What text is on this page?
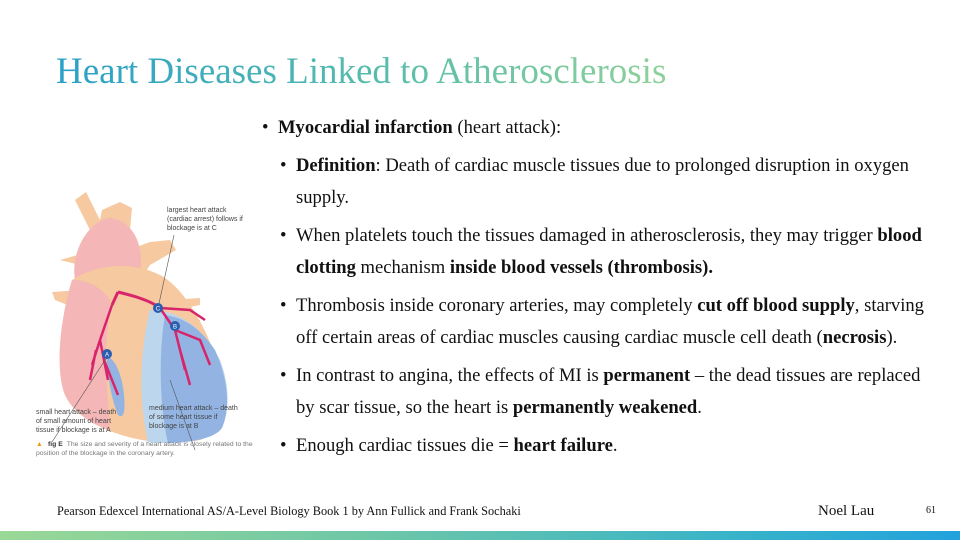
Heart Diseases Linked to Atherosclerosis
• Myocardial infarction (heart attack):
• Definition: Death of cardiac muscle tissues due to prolonged disruption in oxygen supply.
• When platelets touch the tissues damaged in atherosclerosis, they may trigger blood clotting mechanism inside blood vessels (thrombosis).
• Thrombosis inside coronary arteries, may completely cut off blood supply, starving off certain areas of cardiac muscles causing cardiac muscle cell death (necrosis).
• In contrast to angina, the effects of MI is permanent – the dead tissues are replaced by scar tissue, so the heart is permanently weakened.
• Enough cardiac tissues die = heart failure.
A
B
C
largest heart attack (cardiac arrest) follows if blockage is at C
small heart attack – death of small amount of heart tissue if blockage is at A
medium heart attack – death of some heart tissue if blockage is at B
▲ fig E The size and severity of a heart attack is closely related to the position of the blockage in the coronary artery.
Pearson Edexcel International AS/A-Level Biology Book 1 by Ann Fullick and Frank Sochaki	Noel Lau	61
